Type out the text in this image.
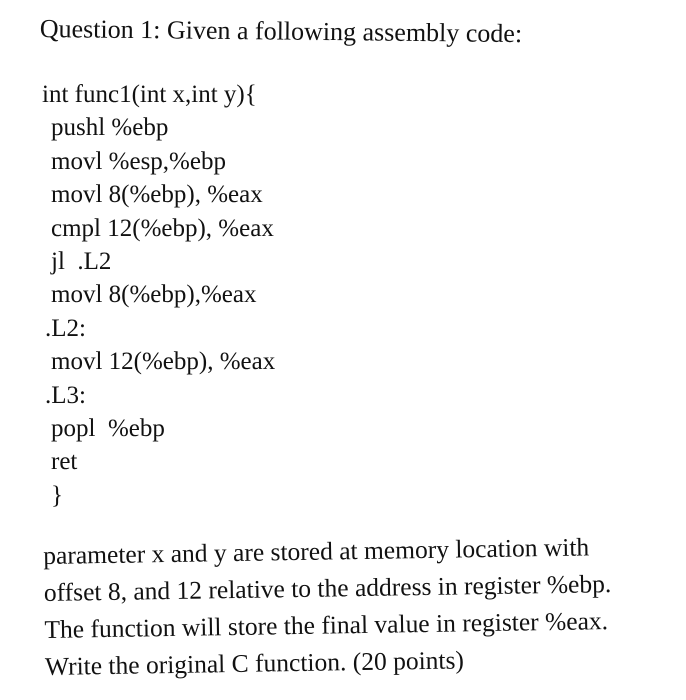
Question 1: Given a following assembly code:
int func1(int x,int y){
pushl %ebp
movl %esp,%ebp
movl 8(%ebp), %eax
cmpl 12(%ebp), %eax
jl  .L2
movl 8(%ebp),%eax
.L2:
movl 12(%ebp), %eax
.L3:
popl  %ebp
ret
}
parameter x and y are stored at memory location with
offset 8, and 12 relative to the address in register %ebp.
The function will store the final value in register %eax.
Write the original C function. (20 points)
